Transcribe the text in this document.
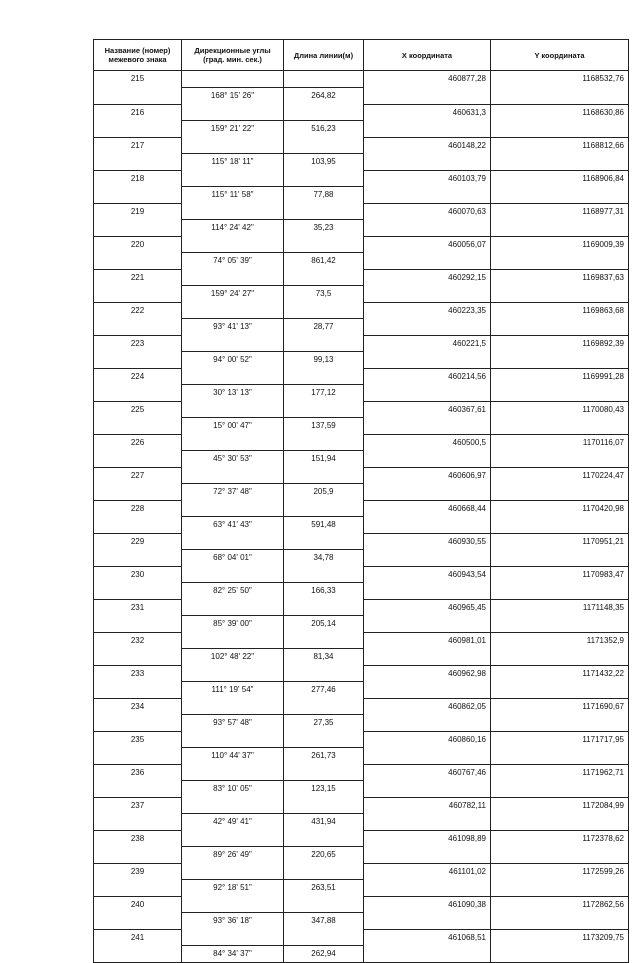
Название (номер) межевого знака	Дирекционные углы (град. мин. сек.)	Длина линии(м)	X координата	Y координата
215			460877,28	1168532,76
	168° 15' 26"	264,82		
216			460631,3	1168630,86
	159° 21' 22"	516,23		
217			460148,22	1168812,66
	115° 18' 11"	103,95		
218			460103,79	1168906,84
	115° 11' 58"	77,88		
219			460070,63	1168977,31
	114° 24' 42"	35,23		
220			460056,07	1169009,39
	74° 05' 39"	861,42		
221			460292,15	1169837,63
	159° 24' 27"	73,5		
222			460223,35	1169863,68
	93° 41' 13"	28,77		
223			460221,5	1169892,39
	94° 00' 52"	99,13		
224			460214,56	1169991,28
	30° 13' 13"	177,12		
225			460367,61	1170080,43
	15° 00' 47"	137,59		
226			460500,5	1170116,07
	45° 30' 53"	151,94		
227			460606,97	1170224,47
	72° 37' 48"	205,9		
228			460668,44	1170420,98
	63° 41' 43"	591,48		
229			460930,55	1170951,21
	68° 04' 01"	34,78		
230			460943,54	1170983,47
	82° 25' 50"	166,33		
231			460965,45	1171148,35
	85° 39' 00"	205,14		
232			460981,01	1171352,9
	102° 48' 22"	81,34		
233			460962,98	1171432,22
	111° 19' 54"	277,46		
234			460862,05	1171690,67
	93° 57' 48"	27,35		
235			460860,16	1171717,95
	110° 44' 37"	261,73		
236			460767,46	1171962,71
	83° 10' 05"	123,15		
237			460782,11	1172084,99
	42° 49' 41"	431,94		
238			461098,89	1172378,62
	89° 26' 49"	220,65		
239			461101,02	1172599,26
	92° 18' 51"	263,51		
240			461090,38	1172862,56
	93° 36' 18"	347,88		
241			461068,51	1173209,75
	84° 34' 37"	262,94		
